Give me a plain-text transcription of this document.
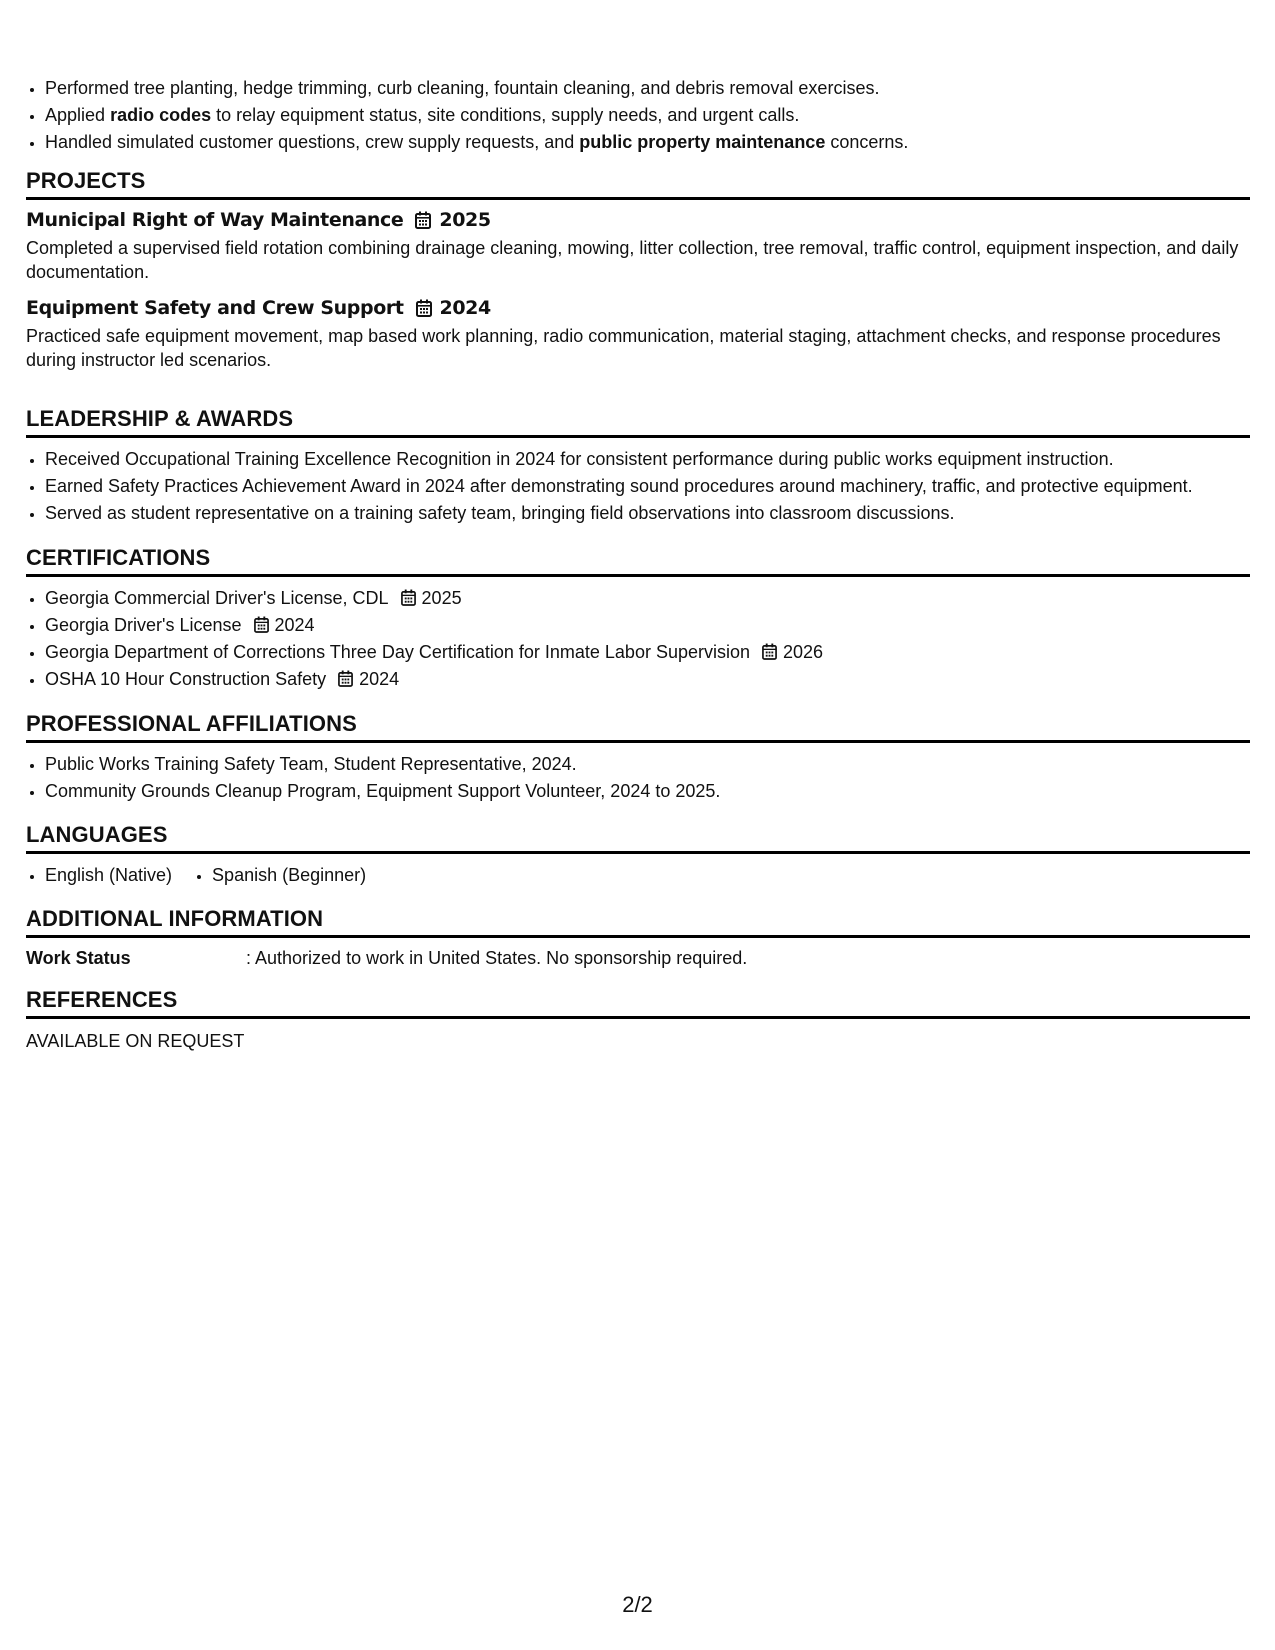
• Performed tree planting, hedge trimming, curb cleaning, fountain cleaning, and debris removal exercises.
• Applied radio codes to relay equipment status, site conditions, supply needs, and urgent calls.
• Handled simulated customer questions, crew supply requests, and public property maintenance concerns.
PROJECTS
Municipal Right of Way Maintenance 2025
Completed a supervised field rotation combining drainage cleaning, mowing, litter collection, tree removal, traffic control, equipment inspection, and daily documentation.
Equipment Safety and Crew Support 2024
Practiced safe equipment movement, map based work planning, radio communication, material staging, attachment checks, and response procedures during instructor led scenarios.
LEADERSHIP & AWARDS
• Received Occupational Training Excellence Recognition in 2024 for consistent performance during public works equipment instruction.
• Earned Safety Practices Achievement Award in 2024 after demonstrating sound procedures around machinery, traffic, and protective equipment.
• Served as student representative on a training safety team, bringing field observations into classroom discussions.
CERTIFICATIONS
• Georgia Commercial Driver's License, CDL 2025
• Georgia Driver's License 2024
• Georgia Department of Corrections Three Day Certification for Inmate Labor Supervision 2026
• OSHA 10 Hour Construction Safety 2024
PROFESSIONAL AFFILIATIONS
• Public Works Training Safety Team, Student Representative, 2024.
• Community Grounds Cleanup Program, Equipment Support Volunteer, 2024 to 2025.
LANGUAGES
• English (Native)
• Spanish (Beginner)
ADDITIONAL INFORMATION
Work Status	: Authorized to work in United States. No sponsorship required.
REFERENCES
AVAILABLE ON REQUEST
2/2
